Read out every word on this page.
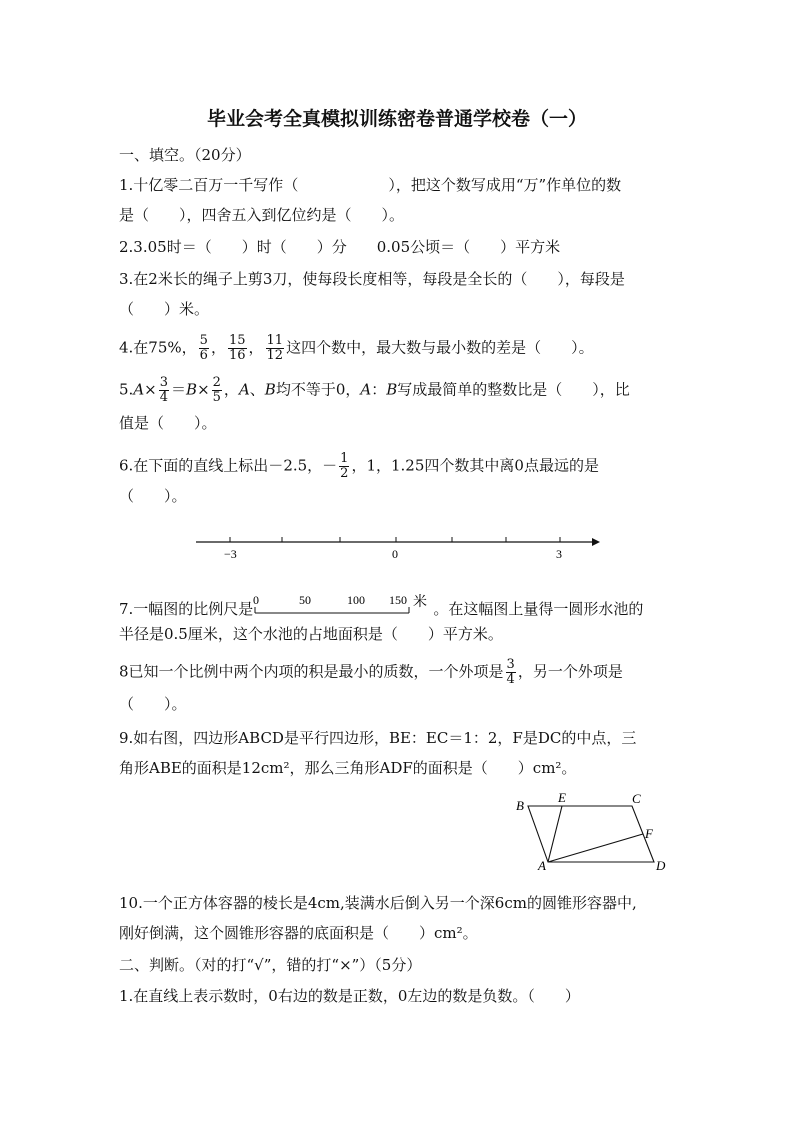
毕业会考全真模拟训练密卷普通学校卷（一）
一、填空。（20分）
1.十亿零二百万一千写作（　　　　　　），把这个数写成用“万”作单位的数
是（　　），四舍五入到亿位约是（　　）。
2.3.05时＝（　　）时（　　）分　　0.05公顷＝（　　）平方米
3.在2米长的绳子上剪3刀，使每段长度相等，每段是全长的（　　），每段是
（　　）米。
4.在75%， $\frac{5}{6}$ ， $\frac{15}{16}$ ， $\frac{11}{12}$ 这四个数中，最大数与最小数的差是（　　）。
$5.A\times \frac{3}{4} =B\times \frac{2}{5}$ ，A、B均不等于0，A：B写成最简单的整数比是（　　），比
值是（　　）。
6.在下面的直线上标出－2.5，－ $\frac{1}{2}$ ，1，1.25四个数其中离0点最远的是
（　　）。
−3	0	3
7.一幅图的比例尺是 0	50	100 150 米 。在这幅图上量得一圆形水池的
半径是0.5厘米，这个水池的占地面积是（　　）平方米。
8已知一个比例中两个内项的积是最小的质数，一个外项是 $\frac{3}{4}$ ，另一个外项是
（　　）。
9.如右图，四边形ABCD是平行四边形，BE：EC＝1：2，F是DC的中点，三
角形ABE的面积是12cm²，那么三角形ADF的面积是（　　）cm²。
B
E	C
F
A	D
10.一个正方体容器的棱长是4cm,装满水后倒入另一个深6cm的圆锥形容器中,
刚好倒满，这个圆锥形容器的底面积是（　　）cm²。
二、判断。（对的打“√”，错的打“×”）（5分）
1.在直线上表示数时，0右边的数是正数，0左边的数是负数。（　　）
